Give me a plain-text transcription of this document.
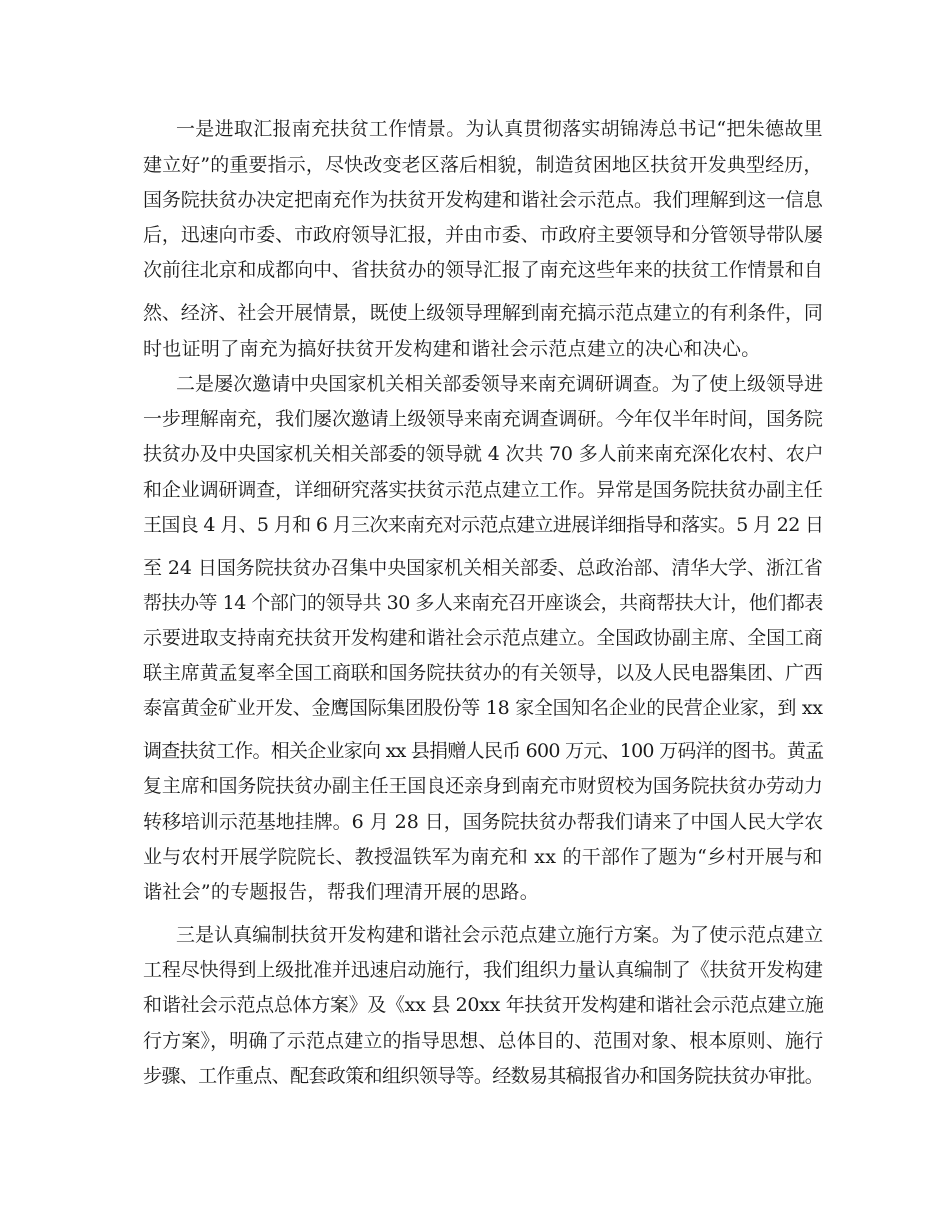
一是进取汇报南充扶贫工作情景。为认真贯彻落实胡锦涛总书记“把朱德故里
建立好”的重要指示，尽快改变老区落后相貌，制造贫困地区扶贫开发典型经历，
国务院扶贫办决定把南充作为扶贫开发构建和谐社会示范点。我们理解到这一信息
后，迅速向市委、市政府领导汇报，并由市委、市政府主要领导和分管领导带队屡
次前往北京和成都向中、省扶贫办的领导汇报了南充这些年来的扶贫工作情景和自
然、经济、社会开展情景，既使上级领导理解到南充搞示范点建立的有利条件，同
时也证明了南充为搞好扶贫开发构建和谐社会示范点建立的决心和决心。
二是屡次邀请中央国家机关相关部委领导来南充调研调查。为了使上级领导进
一步理解南充，我们屡次邀请上级领导来南充调查调研。今年仅半年时间，国务院
扶贫办及中央国家机关相关部委的领导就 4 次共 70 多人前来南充深化农村、农户
和企业调研调查，详细研究落实扶贫示范点建立工作。异常是国务院扶贫办副主任
王国良 4 月、5 月和 6 月三次来南充对示范点建立进展详细指导和落实。5 月 22 日
至 24 日国务院扶贫办召集中央国家机关相关部委、总政治部、清华大学、浙江省
帮扶办等 14 个部门的领导共 30 多人来南充召开座谈会，共商帮扶大计，他们都表
示要进取支持南充扶贫开发构建和谐社会示范点建立。全国政协副主席、全国工商
联主席黄孟复率全国工商联和国务院扶贫办的有关领导，以及人民电器集团、广西
泰富黄金矿业开发、金鹰国际集团股份等 18 家全国知名企业的民营企业家，到 xx
调查扶贫工作。相关企业家向 xx 县捐赠人民币 600 万元、100 万码洋的图书。黄孟
复主席和国务院扶贫办副主任王国良还亲身到南充市财贸校为国务院扶贫办劳动力
转移培训示范基地挂牌。6 月 28 日，国务院扶贫办帮我们请来了中国人民大学农
业与农村开展学院院长、教授温铁军为南充和 xx 的干部作了题为“乡村开展与和
谐社会”的专题报告，帮我们理清开展的思路。
三是认真编制扶贫开发构建和谐社会示范点建立施行方案。为了使示范点建立
工程尽快得到上级批准并迅速启动施行，我们组织力量认真编制了《扶贫开发构建
和谐社会示范点总体方案》及《xx 县 20xx 年扶贫开发构建和谐社会示范点建立施
行方案》，明确了示范点建立的指导思想、总体目的、范围对象、根本原则、施行
步骤、工作重点、配套政策和组织领导等。经数易其稿报省办和国务院扶贫办审批。
